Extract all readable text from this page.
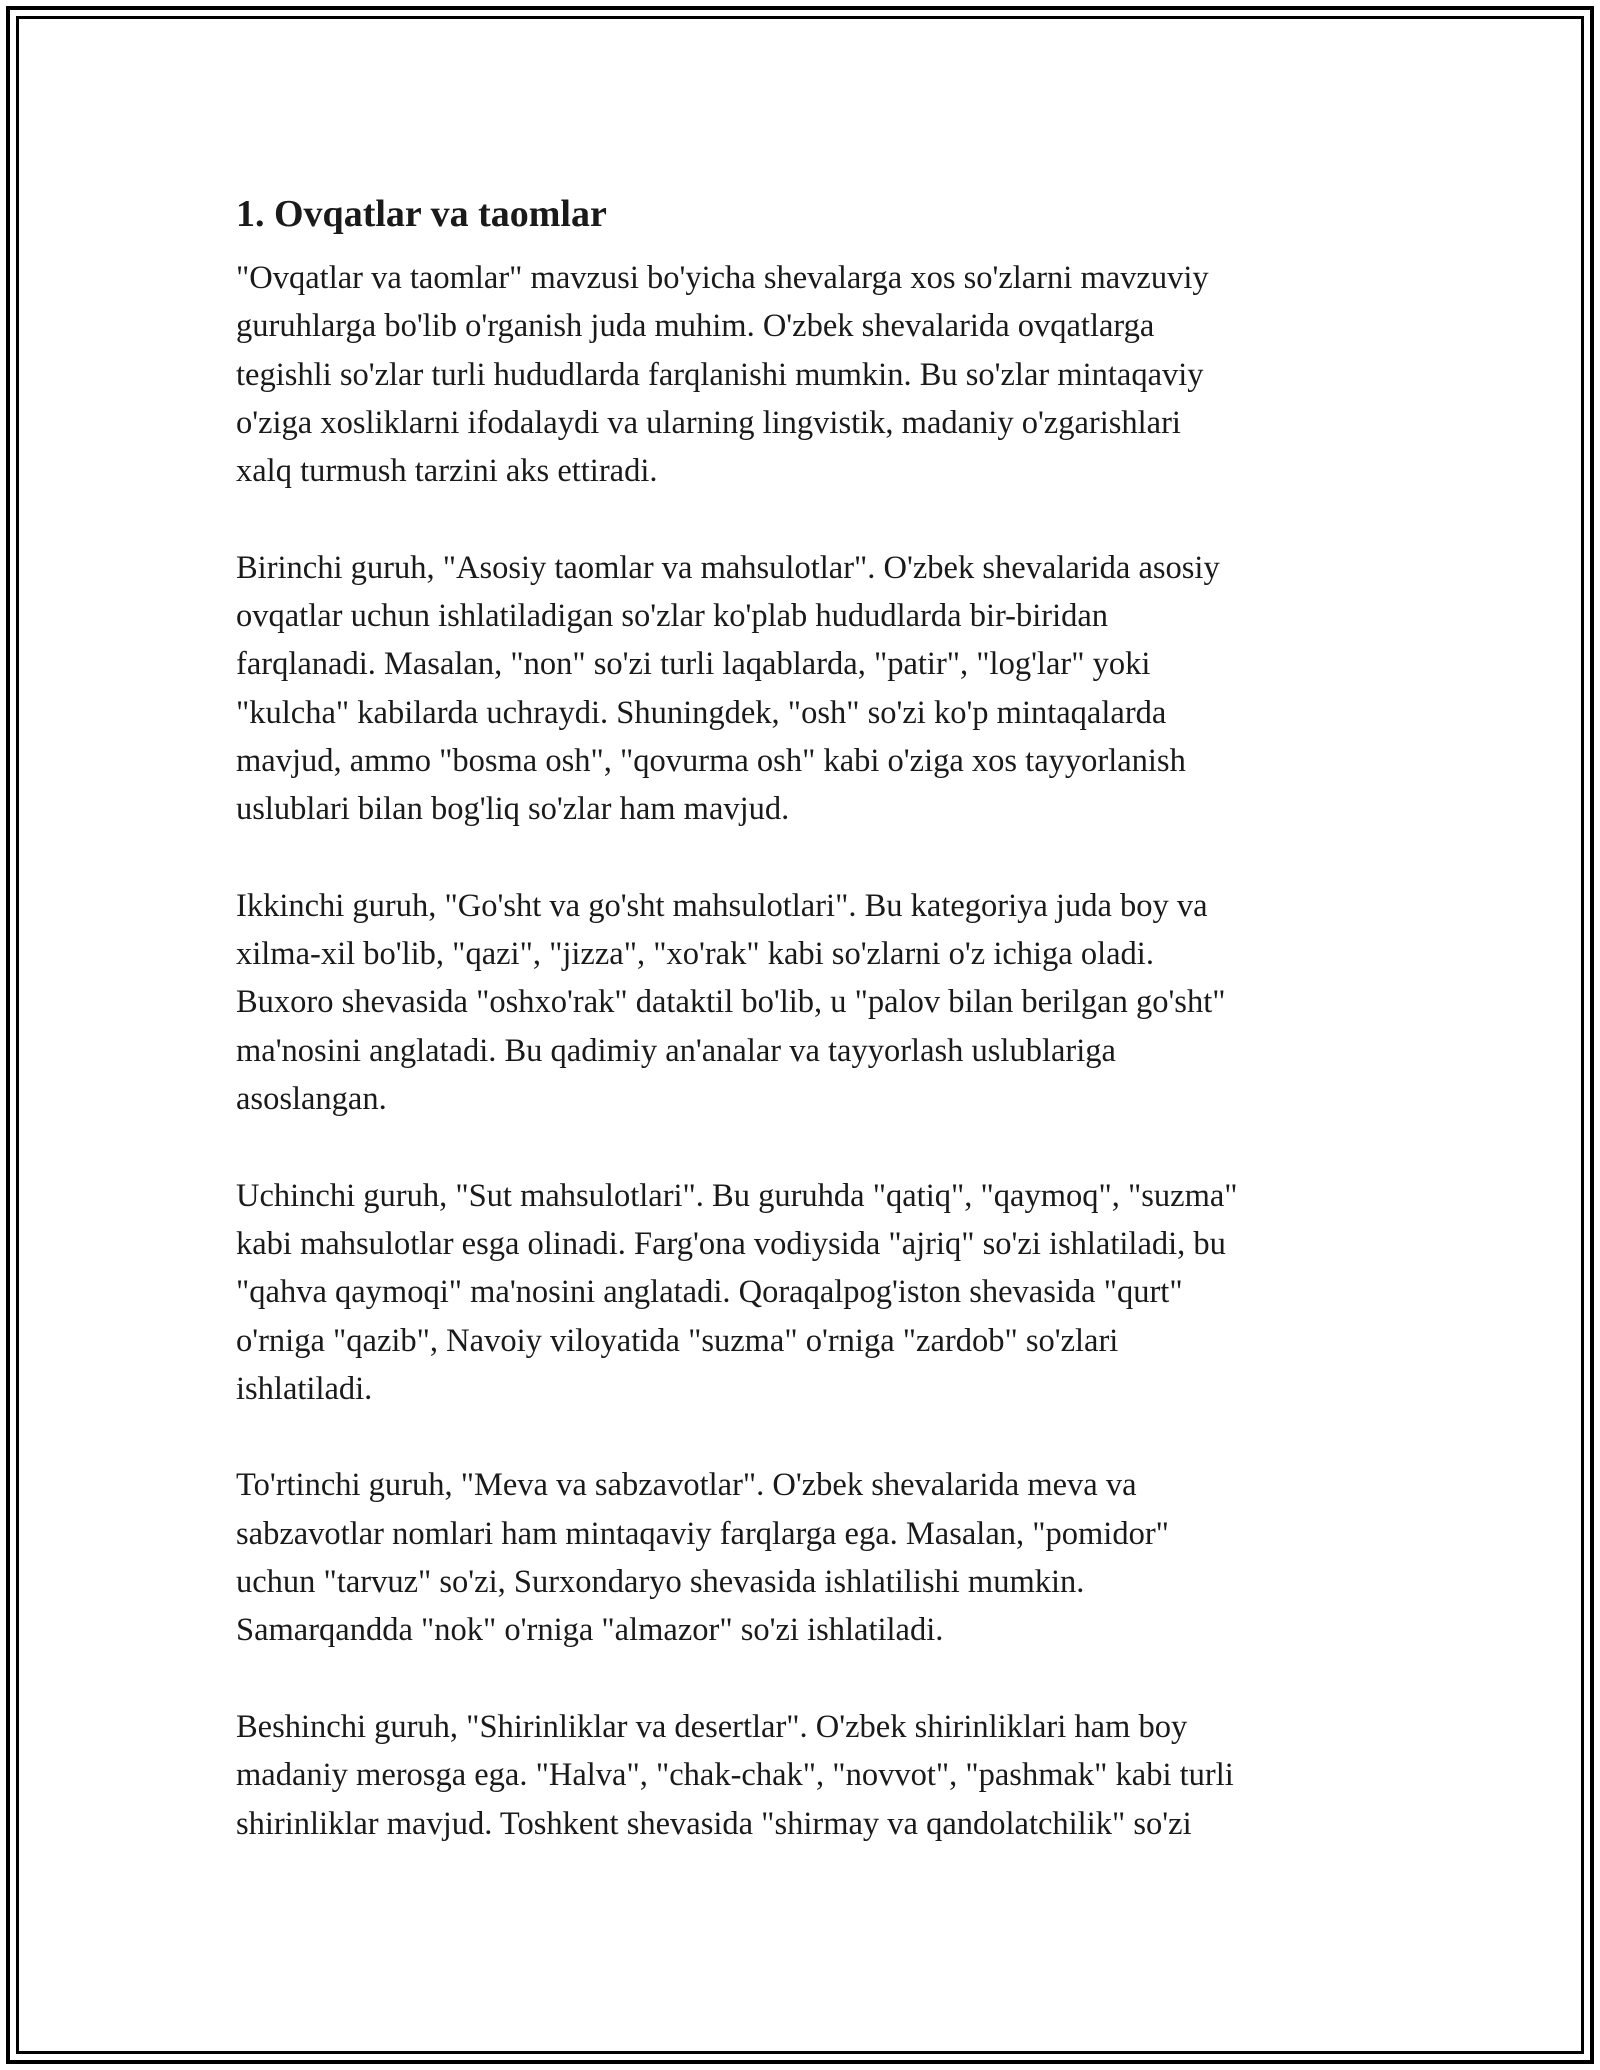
1. Ovqatlar va taomlar
"Ovqatlar va taomlar" mavzusi bo'yicha shevalarga xos so'zlarni mavzuviy
guruhlarga bo'lib o'rganish juda muhim. O'zbek shevalarida ovqatlarga
tegishli so'zlar turli hududlarda farqlanishi mumkin. Bu so'zlar mintaqaviy
o'ziga xosliklarni ifodalaydi va ularning lingvistik, madaniy o'zgarishlari
xalq turmush tarzini aks ettiradi.
Birinchi guruh, "Asosiy taomlar va mahsulotlar". O'zbek shevalarida asosiy
ovqatlar uchun ishlatiladigan so'zlar ko'plab hududlarda bir-biridan
farqlanadi. Masalan, "non" so'zi turli laqablarda, "patir", "log'lar" yoki
"kulcha" kabilarda uchraydi. Shuningdek, "osh" so'zi ko'p mintaqalarda
mavjud, ammo "bosma osh", "qovurma osh" kabi o'ziga xos tayyorlanish
uslublari bilan bog'liq so'zlar ham mavjud.
Ikkinchi guruh, "Go'sht va go'sht mahsulotlari". Bu kategoriya juda boy va
xilma-xil bo'lib, "qazi", "jizza", "xo'rak" kabi so'zlarni o'z ichiga oladi.
Buxoro shevasida "oshxo'rak" dataktil bo'lib, u "palov bilan berilgan go'sht"
ma'nosini anglatadi. Bu qadimiy an'analar va tayyorlash uslublariga
asoslangan.
Uchinchi guruh, "Sut mahsulotlari". Bu guruhda "qatiq", "qaymoq", "suzma"
kabi mahsulotlar esga olinadi. Farg'ona vodiysida "ajriq" so'zi ishlatiladi, bu
"qahva qaymoqi" ma'nosini anglatadi. Qoraqalpog'iston shevasida "qurt"
o'rniga "qazib", Navoiy viloyatida "suzma" o'rniga "zardob" so'zlari
ishlatiladi.
To'rtinchi guruh, "Meva va sabzavotlar". O'zbek shevalarida meva va
sabzavotlar nomlari ham mintaqaviy farqlarga ega. Masalan, "pomidor"
uchun "tarvuz" so'zi, Surxondaryo shevasida ishlatilishi mumkin.
Samarqandda "nok" o'rniga "almazor" so'zi ishlatiladi.
Beshinchi guruh, "Shirinliklar va desertlar". O'zbek shirinliklari ham boy
madaniy merosga ega. "Halva", "chak-chak", "novvot", "pashmak" kabi turli
shirinliklar mavjud. Toshkent shevasida "shirmay va qandolatchilik" so'zi
